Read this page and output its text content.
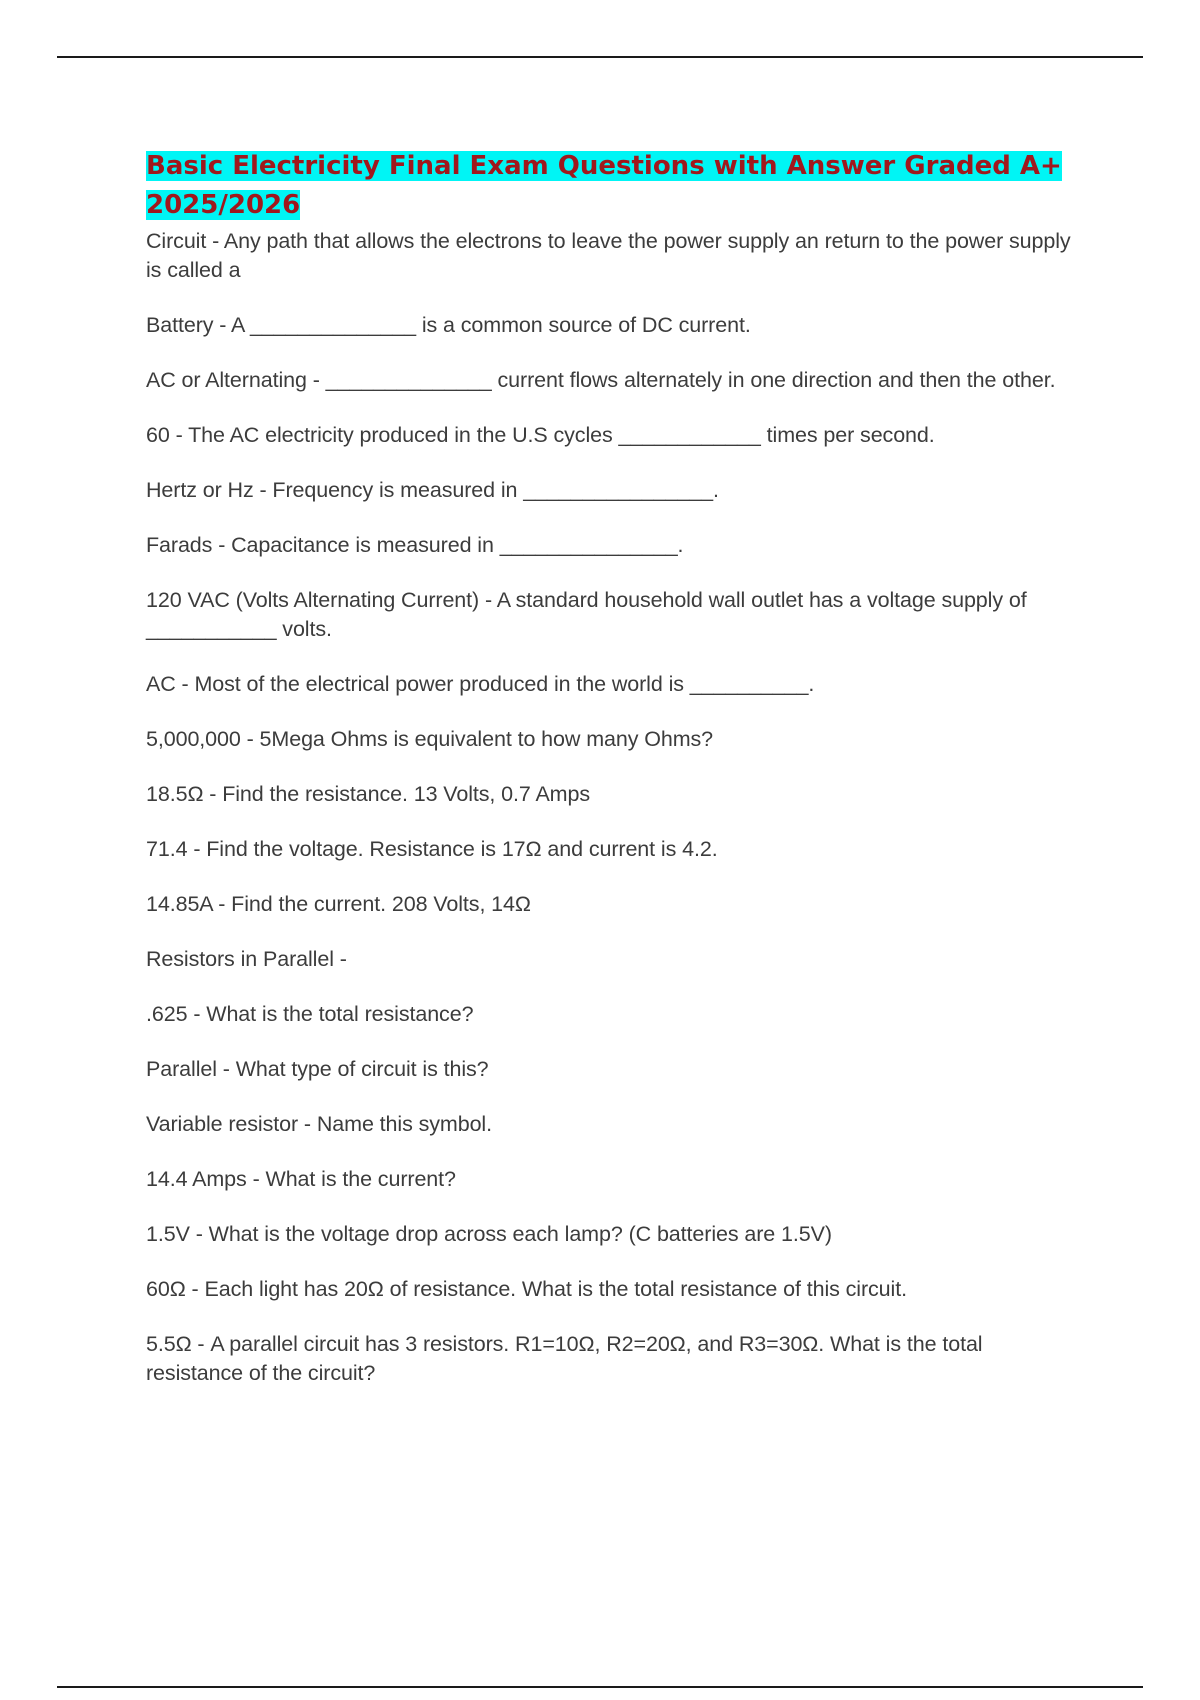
Basic Electricity Final Exam Questions with Answer Graded A+ 2025/2026

Circuit - Any path that allows the electrons to leave the power supply an return to the power supply is called a

Battery - A ______________ is a common source of DC current.

AC or Alternating - ______________ current flows alternately in one direction and then the other.

60 - The AC electricity produced in the U.S cycles ____________ times per second.

Hertz or Hz - Frequency is measured in ________________.

Farads - Capacitance is measured in _______________.

120 VAC (Volts Alternating Current) - A standard household wall outlet has a voltage supply of ___________ volts.

AC - Most of the electrical power produced in the world is __________.

5,000,000 - 5Mega Ohms is equivalent to how many Ohms?

18.5Ω - Find the resistance. 13 Volts, 0.7 Amps

71.4 - Find the voltage. Resistance is 17Ω and current is 4.2.

14.85A - Find the current. 208 Volts, 14Ω

Resistors in Parallel -

.625 - What is the total resistance?

Parallel - What type of circuit is this?

Variable resistor - Name this symbol.

14.4 Amps - What is the current?

1.5V - What is the voltage drop across each lamp? (C batteries are 1.5V)

60Ω - Each light has 20Ω of resistance. What is the total resistance of this circuit.

5.5Ω - A parallel circuit has 3 resistors. R1=10Ω, R2=20Ω, and R3=30Ω. What is the total resistance of the circuit?
